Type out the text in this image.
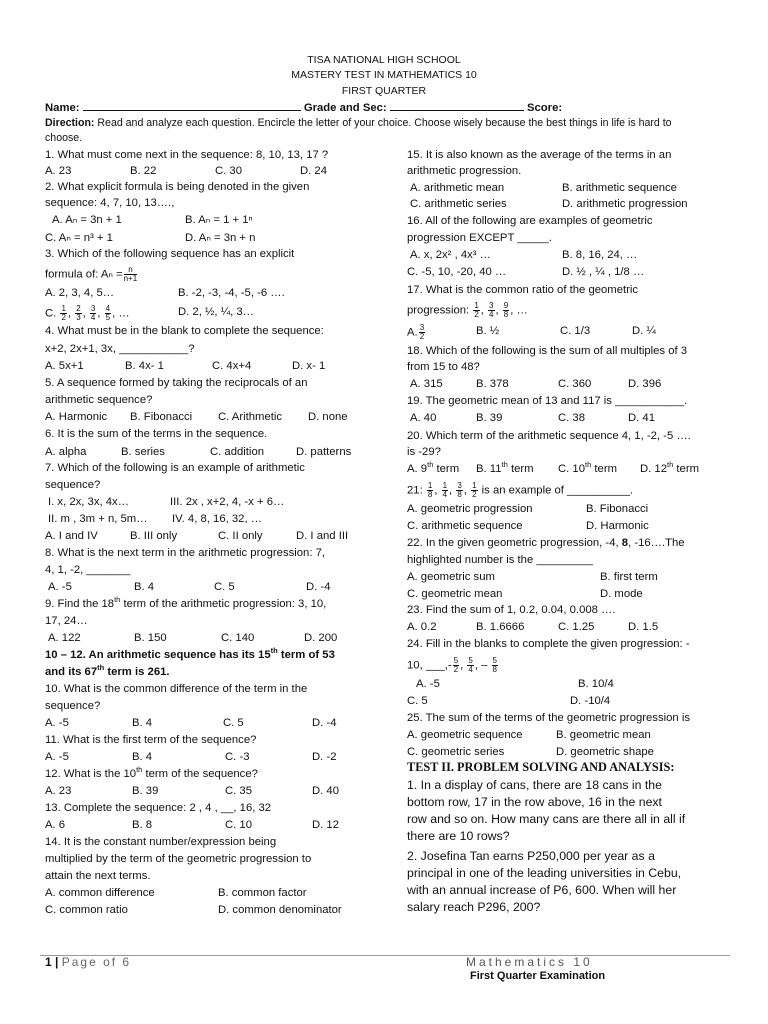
TISA NATIONAL HIGH SCHOOL
MASTERY TEST IN MATHEMATICS 10
FIRST QUARTER
Name:	Grade and Sec:	Score:
Direction: Read and analyze each question. Encircle the letter of your choice. Choose wisely because the best things in life is hard to
choose.
1. What must come next in the sequence: 8, 10, 13, 17 ?
A. 23	B. 22	C. 30	D. 24
2. What explicit formula is being denoted in the given
sequence: 4, 7, 10, 13….,
A. Aₙ = 3n + 1	B. Aₙ = 1 + 1ⁿ
C. Aₙ = n³ + 1	D. Aₙ = 3n + n
3. Which of the following sequence has an explicit
formula of: $A_n = \frac{n}{n+1}$
A. 2, 3, 4, 5…	B. -2, -3, -4, -5, -6 ….
C. $\frac{1}{2}$ , $\frac{2}{3}$ , $\frac{3}{4}$ , $\frac{4}{5}$ , …	D. 2, ½, ¼, 3…
4. What must be in the blank to complete the sequence:
x+2, 2x+1, 3x, ___________?
A. 5x+1	B. 4x- 1	C. 4x+4	D. x- 1
5. A sequence formed by taking the reciprocals of an
arithmetic sequence?
A. Harmonic B. Fibonacci C. Arithmetic D. none
6. It is the sum of the terms in the sequence.
A. alpha	B. series	C. addition	D. patterns
7. Which of the following is an example of arithmetic
sequence?
I. x, 2x, 3x, 4x…	III. 2x , x+2, 4, -x + 6…
II. m , 3m + n, 5m… IV. 4, 8, 16, 32, …
A. I and IV	B. III only	C. II only	D. I and III
8. What is the next term in the arithmetic progression: 7,
4, 1, -2, _______
A. -5	B. 4	C. 5	D. -4
9. Find the 18th term of the arithmetic progression: 3, 10,
17, 24…
A. 122	B. 150	C. 140	D. 200
10 – 12. An arithmetic sequence has its 15th term of 53
and its 67th term is 261.
10. What is the common difference of the term in the
sequence?
A. -5	B. 4	C. 5	D. -4
11. What is the first term of the sequence?
A. -5	B. 4	C. -3	D. -2
12. What is the 10th term of the sequence?
A. 23	B. 39	C. 35	D. 40
13. Complete the sequence: 2 , 4 , __, 16, 32
A. 6	B. 8	C. 10	D. 12
14. It is the constant number/expression being
multiplied by the term of the geometric progression to
attain the next terms.
A. common difference	B. common factor
C. common ratio	D. common denominator
15. It is also known as the average of the terms in an
arithmetic progression.
A. arithmetic mean	B. arithmetic sequence
C. arithmetic series	D. arithmetic progression
16. All of the following are examples of geometric
progression EXCEPT _____.
A. x, 2x² , 4x³ …	B. 8, 16, 24, …
C. -5, 10, -20, 40 …	D. ½ , ¼ , 1/8 …
17. What is the common ratio of the geometric
progression: $\frac{1}{2}$ , $\frac{3}{4}$ , $\frac{9}{8}$ , …
A. $\frac{3}{2}$	B. ½	C. 1/3	D. ¼
18. Which of the following is the sum of all multiples of 3
from 15 to 48?
A. 315	B. 378	C. 360	D. 396
19. The geometric mean of 13 and 117 is ___________.
A. 40	B. 39	C. 38	D. 41
20. Which term of the arithmetic sequence 4, 1, -2, -5 ….
is -29?
A. 9th term B. 11th term C. 10th term D. 12th term
21: $\frac{1}{8}$ , $\frac{1}{4}$ , $\frac{3}{8}$ , $\frac{1}{2}$ is an example of __________.
A. geometric progression	B. Fibonacci
C. arithmetic sequence	D. Harmonic
22. In the given geometric progression, -4, 8, -16….The
highlighted number is the _________
A. geometric sum	B. first term
C. geometric mean	D. mode
23. Find the sum of 1, 0.2, 0.04, 0.008 ….
A. 0.2	B. 1.6666	C. 1.25	D. 1.5
24. Fill in the blanks to complete the given progression: -
10, ___,- $\frac{5}{2}$ , $\frac{5}{4}$ , – $\frac{5}{8}$
A. -5	B. 10/4
C. 5	D. -10/4
25. The sum of the terms of the geometric progression is
A. geometric sequence	B. geometric mean
C. geometric series	D. geometric shape
TEST II. PROBLEM SOLVING AND ANALYSIS:
1. In a display of cans, there are 18 cans in the
bottom row, 17 in the row above, 16 in the next
row and so on. How many cans are there all in all if
there are 10 rows?
2. Josefina Tan earns P250,000 per year as a
principal in one of the leading universities in Cebu,
with an annual increase of P6, 600. When will her
salary reach P296, 200?
1 | Page of 6	Mathematics 10
First Quarter Examination
